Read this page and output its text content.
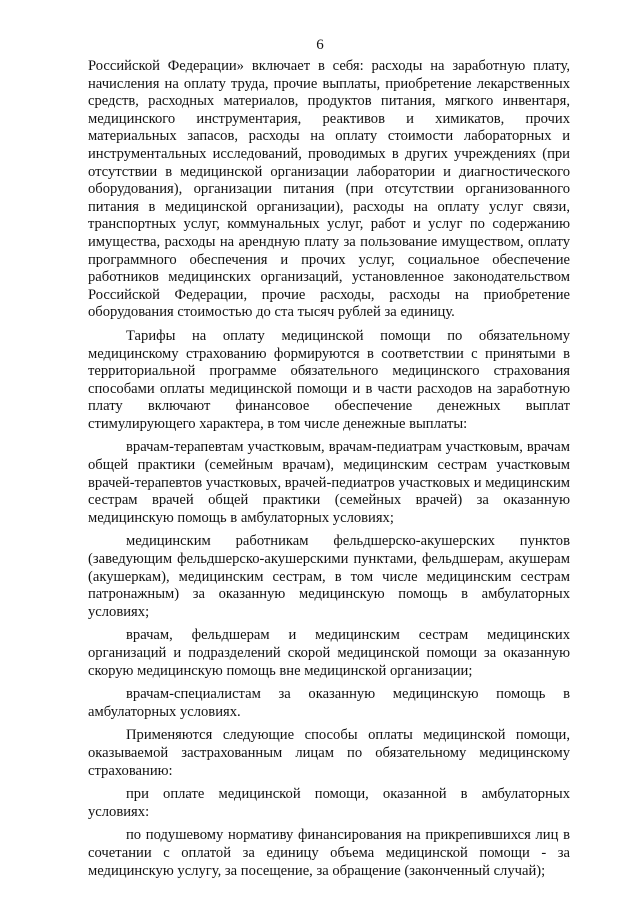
6

Российской Федерации» включает в себя: расходы на заработную плату, начисления на оплату труда, прочие выплаты, приобретение лекарственных средств, расходных материалов, продуктов питания, мягкого инвентаря, медицинского инструментария, реактивов и химикатов, прочих материальных запасов, расходы на оплату стоимости лабораторных и инструментальных исследований, проводимых в других учреждениях (при отсутствии в медицинской организации лаборатории и диагностического оборудования), организации питания (при отсутствии организованного питания в медицинской организации), расходы на оплату услуг связи, транспортных услуг, коммунальных услуг, работ и услуг по содержанию имущества, расходы на арендную плату за пользование имуществом, оплату программного обеспечения и прочих услуг, социальное обеспечение работников медицинских организаций, установленное законодательством Российской Федерации, прочие расходы, расходы на приобретение оборудования стоимостью до ста тысяч рублей за единицу.

Тарифы на оплату медицинской помощи по обязательному медицинскому страхованию формируются в соответствии с принятыми в территориальной программе обязательного медицинского страхования способами оплаты медицинской помощи и в части расходов на заработную плату включают финансовое обеспечение денежных выплат стимулирующего характера, в том числе денежные выплаты:

врачам-терапевтам участковым, врачам-педиатрам участковым, врачам общей практики (семейным врачам), медицинским сестрам участковым врачей-терапевтов участковых, врачей-педиатров участковых и медицинским сестрам врачей общей практики (семейных врачей) за оказанную медицинскую помощь в амбулаторных условиях;

медицинским работникам фельдшерско-акушерских пунктов (заведующим фельдшерско-акушерскими пунктами, фельдшерам, акушерам (акушеркам), медицинским сестрам, в том числе медицинским сестрам патронажным) за оказанную медицинскую помощь в амбулаторных условиях;

врачам, фельдшерам и медицинским сестрам медицинских организаций и подразделений скорой медицинской помощи за оказанную скорую медицинскую помощь вне медицинской организации;

врачам-специалистам за оказанную медицинскую помощь в амбулаторных условиях.

Применяются следующие способы оплаты медицинской помощи, оказываемой застрахованным лицам по обязательному медицинскому страхованию:

при оплате медицинской помощи, оказанной в амбулаторных условиях:

по подушевому нормативу финансирования на прикрепившихся лиц в сочетании с оплатой за единицу объема медицинской помощи - за медицинскую услугу, за посещение, за обращение (законченный случай);
